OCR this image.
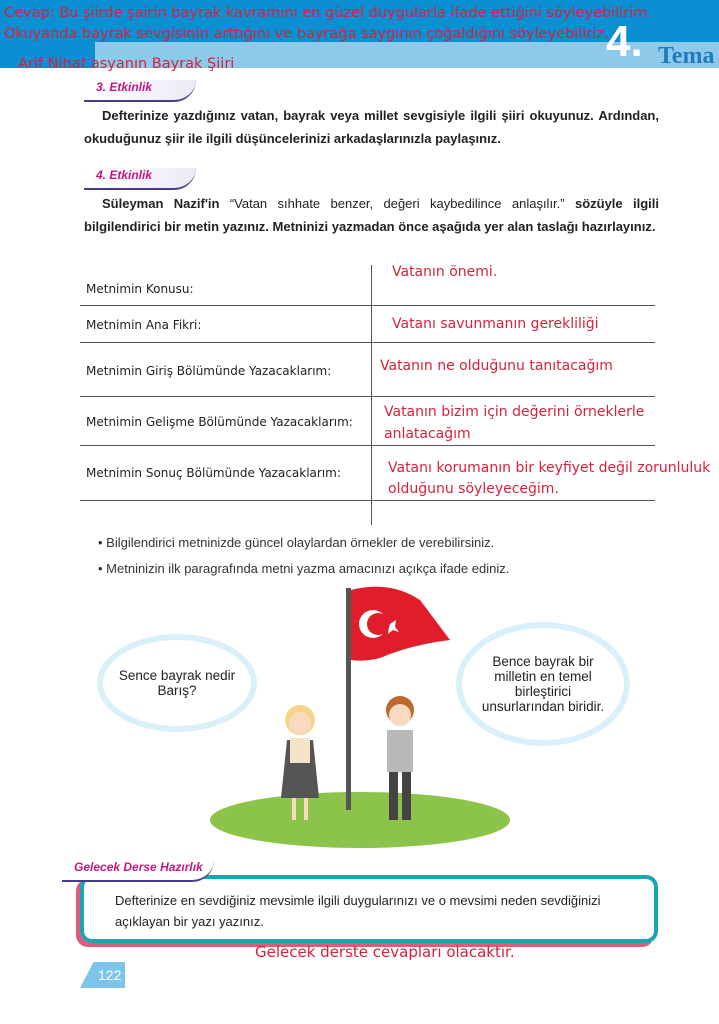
4. Tema
Cevap: Bu şiirde şairin bayrak kavramını en güzel duygularla ifade ettiğini söyleyebilirim.
Okuyanda bayrak sevgisinin arttığını ve bayrağa saygının çoğaldığını söyleyebiliriz.
Arif Nihat asyanın Bayrak Şiiri
3. Etkinlik
Defterinize yazdığınız vatan, bayrak veya millet sevgisiyle ilgili şiiri okuyunuz. Ardından, okuduğunuz şiir ile ilgili düşüncelerinizi arkadaşlarınızla paylaşınız.
4. Etkinlik
Süleyman Nazif'in “Vatan sıhhate benzer, değeri kaybedilince anlaşılır.” sözüyle ilgili bilgilendirici bir metin yazınız. Metninizi yazmadan önce aşağıda yer alan taslağı hazırlayınız.
Metnimin Konusu:
Metnimin Ana Fikri:
Metnimin Giriş Bölümünde Yazacaklarım:
Metnimin Gelişme Bölümünde Yazacaklarım:
Metnimin Sonuç Bölümünde Yazacaklarım:
Vatanın önemi.
Vatanı savunmanın gerekliliği
Vatanın ne olduğunu tanıtacağım
Vatanın bizim için değerini örneklerle anlatacağım
Vatanı korumanın bir keyfiyet değil zorunluluk olduğunu söyleyeceğim.
• Bilgilendirici metninizde güncel olaylardan örnekler de verebilirsiniz.
• Metninizin ilk paragrafında metni yazma amacınızı açıkça ifade ediniz.
Sence bayrak nedir Barış?
Bence bayrak bir milletin en temel birleştirici unsurlarından biridir.
Gelecek Derse Hazırlık
Defterinize en sevdiğiniz mevsimle ilgili duygularınızı ve o mevsimi neden sevdiğinizi açıklayan bir yazı yazınız.
Gelecek derste cevapları olacaktır.
122
